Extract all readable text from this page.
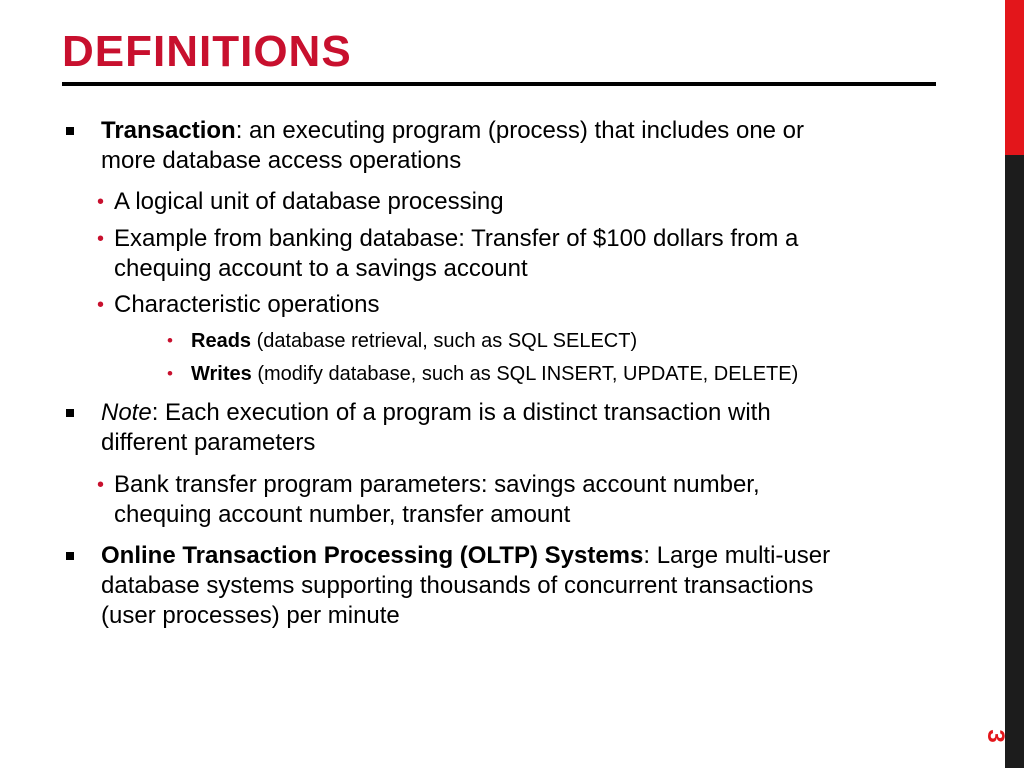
DEFINITIONS
Transaction: an executing program (process) that includes one or
more database access operations
• A logical unit of database processing
• Example from banking database: Transfer of $100 dollars from a
chequing account to a savings account
• Characteristic operations
• Reads (database retrieval, such as SQL SELECT)
• Writes (modify database, such as SQL INSERT, UPDATE, DELETE)
Note: Each execution of a program is a distinct transaction with
different parameters
• Bank transfer program parameters: savings account number,
chequing account number, transfer amount
Online Transaction Processing (OLTP) Systems: Large multi-user
database systems supporting thousands of concurrent transactions
(user processes) per minute
3
